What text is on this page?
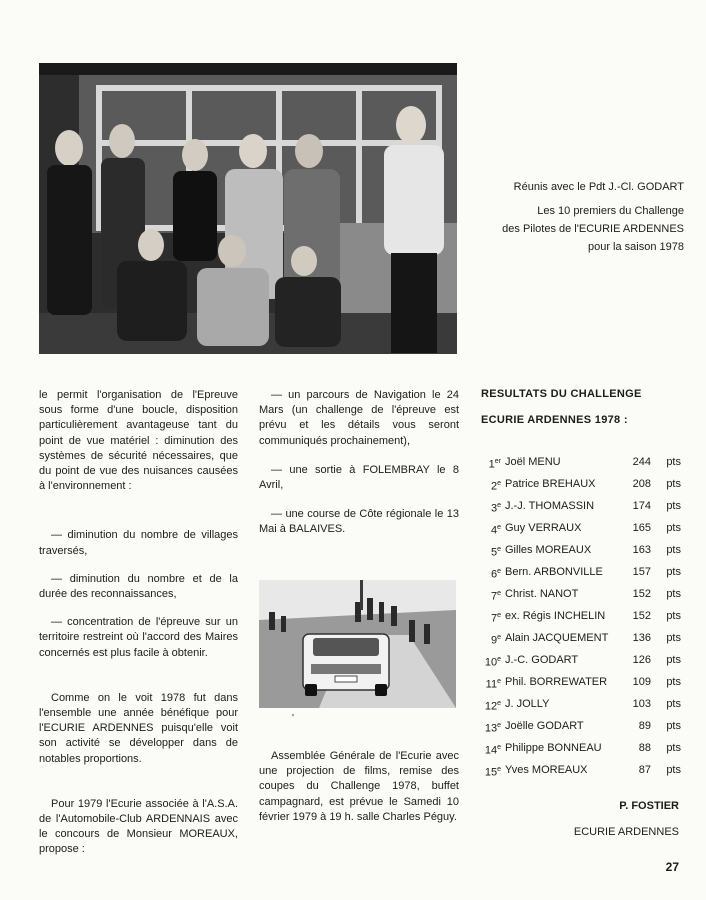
Réunis avec le Pdt J.-Cl. GODART

Les 10 premiers du Challenge

des Pilotes de l'ECURIE ARDENNES

pour la saison 1978

le permit l'organisation de l'Epreuve sous forme d'une boucle, disposition particulièrement avantageuse tant du point de vue matériel : diminution des systèmes de sécurité nécessaires, que du point de vue des nuisances causées à l'environnement :

— diminution du nombre de villages traversés,

— diminution du nombre et de la durée des reconnaissances,

— concentration de l'épreuve sur un territoire restreint où l'accord des Maires concernés est plus facile à obtenir.

Comme on le voit 1978 fut dans l'ensemble une année bénéfique pour l'ECURIE ARDENNES puisqu'elle voit son activité se développer dans de notables proportions.

Pour 1979 l'Ecurie associée à l'A.S.A. de l'Automobile-Club ARDENNAIS avec le concours de Monsieur MOREAUX, propose :

— un parcours de Navigation le 24 Mars (un challenge de l'épreuve est prévu et les détails vous seront communiqués prochainement),

— une sortie à FOLEMBRAY le 8 Avril,

— une course de Côte régionale le 13 Mai à BALAIVES.

'

Assemblée Générale de l'Ecurie avec une projection de films, remise des coupes du Challenge 1978, buffet campagnard, est prévue le Samedi 10 février 1979 à 19 h. salle Charles Péguy.

RESULTATS DU CHALLENGE
ECURIE ARDENNES 1978 :
1er Joël MENU	244 pts
2e Patrice BREHAUX	208 pts
3e J.-J. THOMASSIN	174 pts
4e Guy VERRAUX	165 pts
5e Gilles MOREAUX	163 pts
6e Bern. ARBONVILLE	157 pts
7e Christ. NANOT	152 pts
7e ex. Régis INCHELIN 152 pts
9e Alain JACQUEMENT 136 pts
10e J.-C. GODART	126 pts
11e Phil. BORREWATER 109 pts
12e J. JOLLY	103 pts
13e Joëlle GODART	89 pts
14e Philippe BONNEAU	88 pts
15e Yves MOREAUX	87 pts
P. FOSTIER
ECURIE ARDENNES
27
